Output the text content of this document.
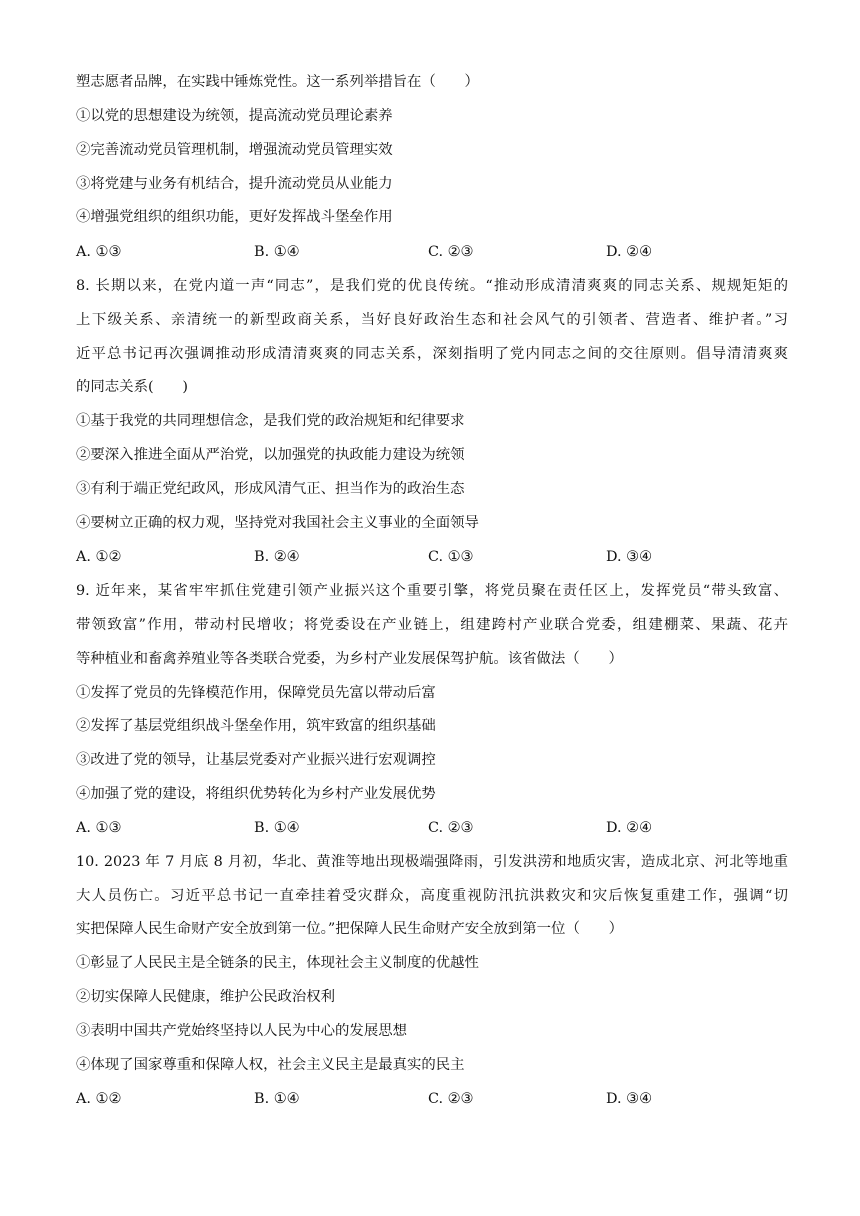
塑志愿者品牌，在实践中锤炼党性。这一系列举措旨在（　　）
①以党的思想建设为统领，提高流动党员理论素养
②完善流动党员管理机制，增强流动党员管理实效
③将党建与业务有机结合，提升流动党员从业能力
④增强党组织的组织功能，更好发挥战斗堡垒作用
A. ①③	B. ①④	C. ②③	D. ②④
8. 长期以来，在党内道一声“同志”，是我们党的优良传统。“推动形成清清爽爽的同志关系、规规矩矩的
上下级关系、亲清统一的新型政商关系，当好良好政治生态和社会风气的引领者、营造者、维护者。”习
近平总书记再次强调推动形成清清爽爽的同志关系，深刻指明了党内同志之间的交往原则。倡导清清爽爽
的同志关系(　　)
①基于我党的共同理想信念，是我们党的政治规矩和纪律要求
②要深入推进全面从严治党，以加强党的执政能力建设为统领
③有利于端正党纪政风，形成风清气正、担当作为的政治生态
④要树立正确的权力观，坚持党对我国社会主义事业的全面领导
A. ①②	B. ②④	C. ①③	D. ③④
9. 近年来，某省牢牢抓住党建引领产业振兴这个重要引擎，将党员聚在责任区上，发挥党员“带头致富、
带领致富”作用，带动村民增收；将党委设在产业链上，组建跨村产业联合党委，组建棚菜、果蔬、花卉
等种植业和畜禽养殖业等各类联合党委，为乡村产业发展保驾护航。该省做法（　　）
①发挥了党员的先锋模范作用，保障党员先富以带动后富
②发挥了基层党组织战斗堡垒作用，筑牢致富的组织基础
③改进了党的领导，让基层党委对产业振兴进行宏观调控
④加强了党的建设，将组织优势转化为乡村产业发展优势
A. ①③	B. ①④	C. ②③	D. ②④
10. 2023 年 7 月底 8 月初，华北、黄淮等地出现极端强降雨，引发洪涝和地质灾害，造成北京、河北等地重
大人员伤亡。习近平总书记一直牵挂着受灾群众，高度重视防汛抗洪救灾和灾后恢复重建工作，强调“切
实把保障人民生命财产安全放到第一位。”把保障人民生命财产安全放到第一位（　　）
①彰显了人民民主是全链条的民主，体现社会主义制度的优越性
②切实保障人民健康，维护公民政治权利
③表明中国共产党始终坚持以人民为中心的发展思想
④体现了国家尊重和保障人权，社会主义民主是最真实的民主
A. ①②	B. ①④	C. ②③	D. ③④
